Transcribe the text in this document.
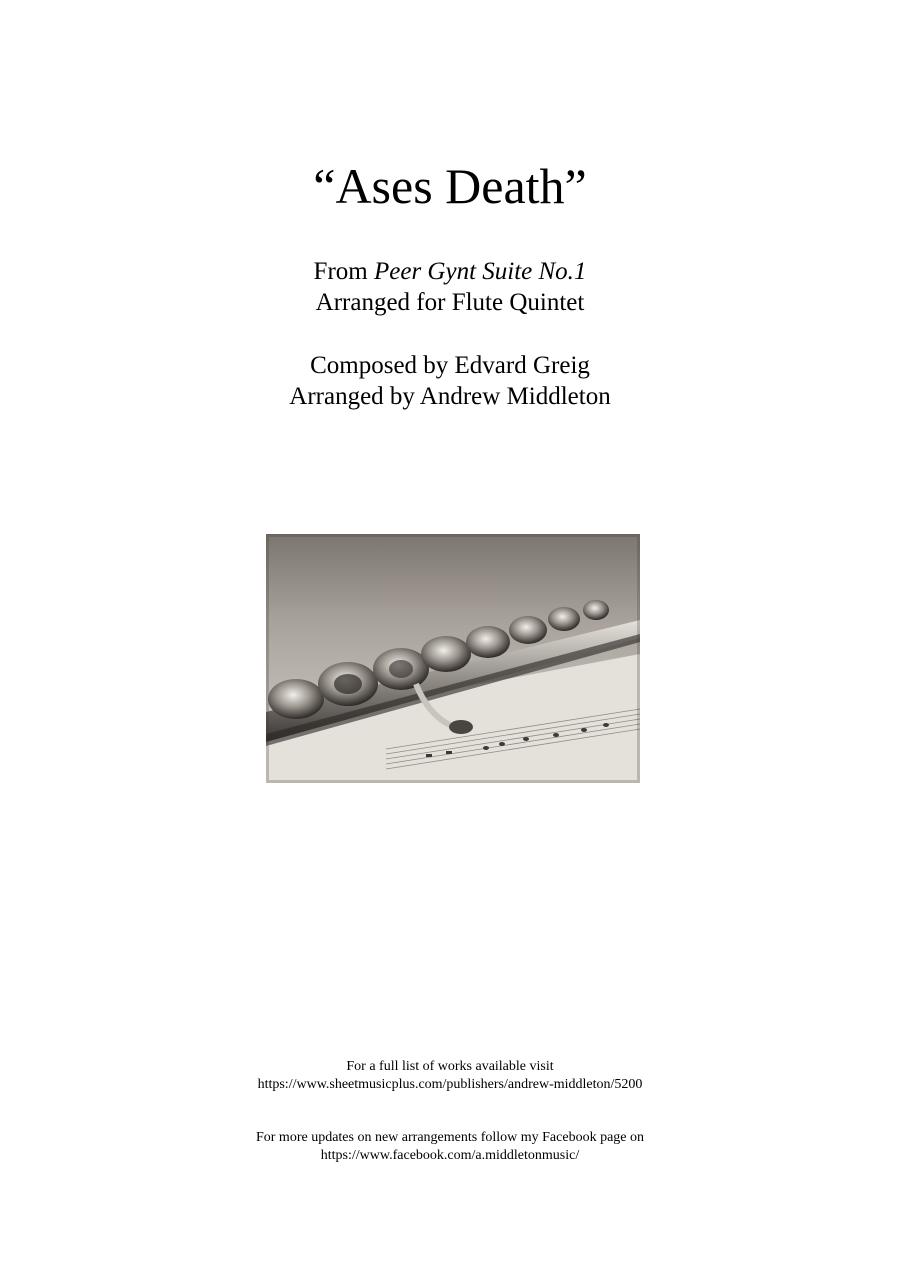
“Ases Death”
From Peer Gynt Suite No.1
Arranged for Flute Quintet
Composed by Edvard Greig
Arranged by Andrew Middleton
For a full list of works available visit
https://www.sheetmusicplus.com/publishers/andrew-middleton/5200
For more updates on new arrangements follow my Facebook page on
https://www.facebook.com/a.middletonmusic/
